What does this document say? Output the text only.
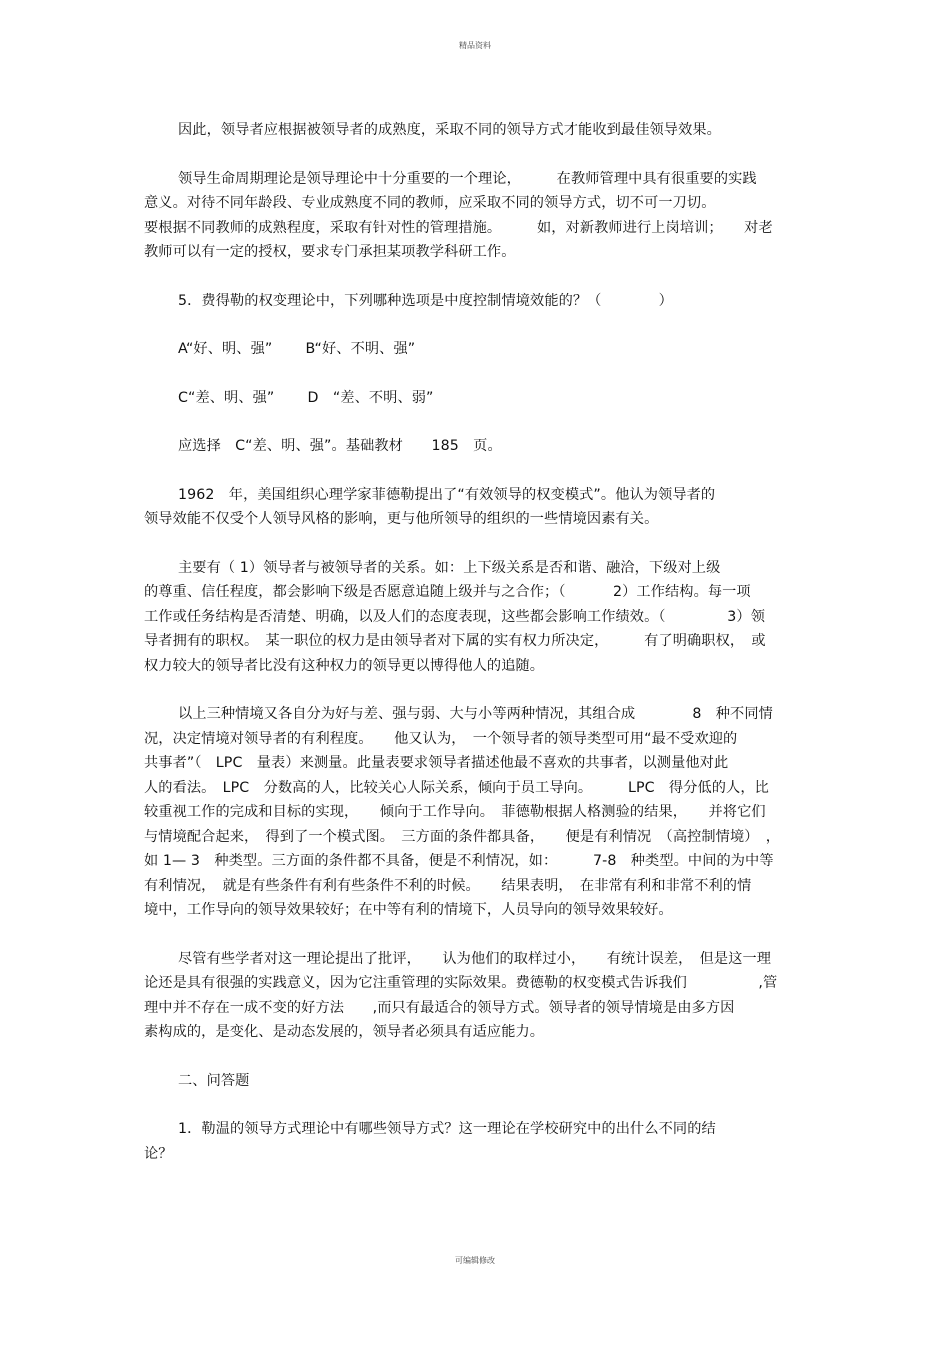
精品资料
因此，领导者应根据被领导者的成熟度，采取不同的领导方式才能收到最佳领导效果。
领导生命周期理论是领导理论中十分重要的一个理论，　　　在教师管理中具有很重要的实践
意义。对待不同年龄段、专业成熟度不同的教师，应采取不同的领导方式，切不可一刀切。
要根据不同教师的成熟程度，采取有针对性的管理措施。　　　如，对新教师进行上岗培训；　　对老
教师可以有一定的授权，要求专门承担某项教学科研工作。
5．费得勒的权变理论中，下列哪种选项是中度控制情境效能的？（　　　　）
A“好、明、强”　　 B“好、不明、强”
C“差、明、强”　　 D　“差、不明、弱”
应选择　C“差、明、强”。基础教材　　185　页。
1962　年，美国组织心理学家菲德勒提出了“有效领导的权变模式”。他认为领导者的
领导效能不仅受个人领导风格的影响，更与他所领导的组织的一些情境因素有关。
主要有（ 1）领导者与被领导者的关系。如：上下级关系是否和谐、融洽，下级对上级
的尊重、信任程度，都会影响下级是否愿意追随上级并与之合作；（　　　 2）工作结构。每一项
工作或任务结构是否清楚、明确，以及人们的态度表现，这些都会影响工作绩效。（　　　　 3）领
导者拥有的职权。　某一职位的权力是由领导者对下属的实有权力所决定，　　　有了明确职权，　或
权力较大的领导者比没有这种权力的领导更以博得他人的追随。
以上三种情境又各自分为好与差、强与弱、大与小等两种情况，其组合成　　　　8　种不同情
况，决定情境对领导者的有利程度。　　他又认为，　一个领导者的领导类型可用“最不受欢迎的
共事者”（　LPC　量表）来测量。此量表要求领导者描述他最不喜欢的共事者，以测量他对此
人的看法。　LPC　分数高的人，比较关心人际关系，倾向于员工导向。　　　LPC　得分低的人，比
较重视工作的完成和目标的实现，　　倾向于工作导向。　菲德勒根据人格测验的结果，　　并将它们
与情境配合起来，　得到了一个模式图。　三方面的条件都具备，　　便是有利情况　（高控制情境）　，
如 1— 3　种类型。三方面的条件都不具备，便是不利情况，如：　　　7-8　种类型。中间的为中等
有利情况，　就是有些条件有利有些条件不利的时候。　　结果表明，　在非常有利和非常不利的情
境中，工作导向的领导效果较好；在中等有利的情境下，人员导向的领导效果较好。
尽管有些学者对这一理论提出了批评，　　认为他们的取样过小，　　有统计误差，　但是这一理
论还是具有很强的实践意义，因为它注重管理的实际效果。费德勒的权变模式告诉我们　　　　　,管
理中并不存在一成不变的好方法　　,而只有最适合的领导方式。领导者的领导情境是由多方因
素构成的，是变化、是动态发展的，领导者必须具有适应能力。
二、问答题
1．勒温的领导方式理论中有哪些领导方式？这一理论在学校研究中的出什么不同的结
论？
可编辑修改
